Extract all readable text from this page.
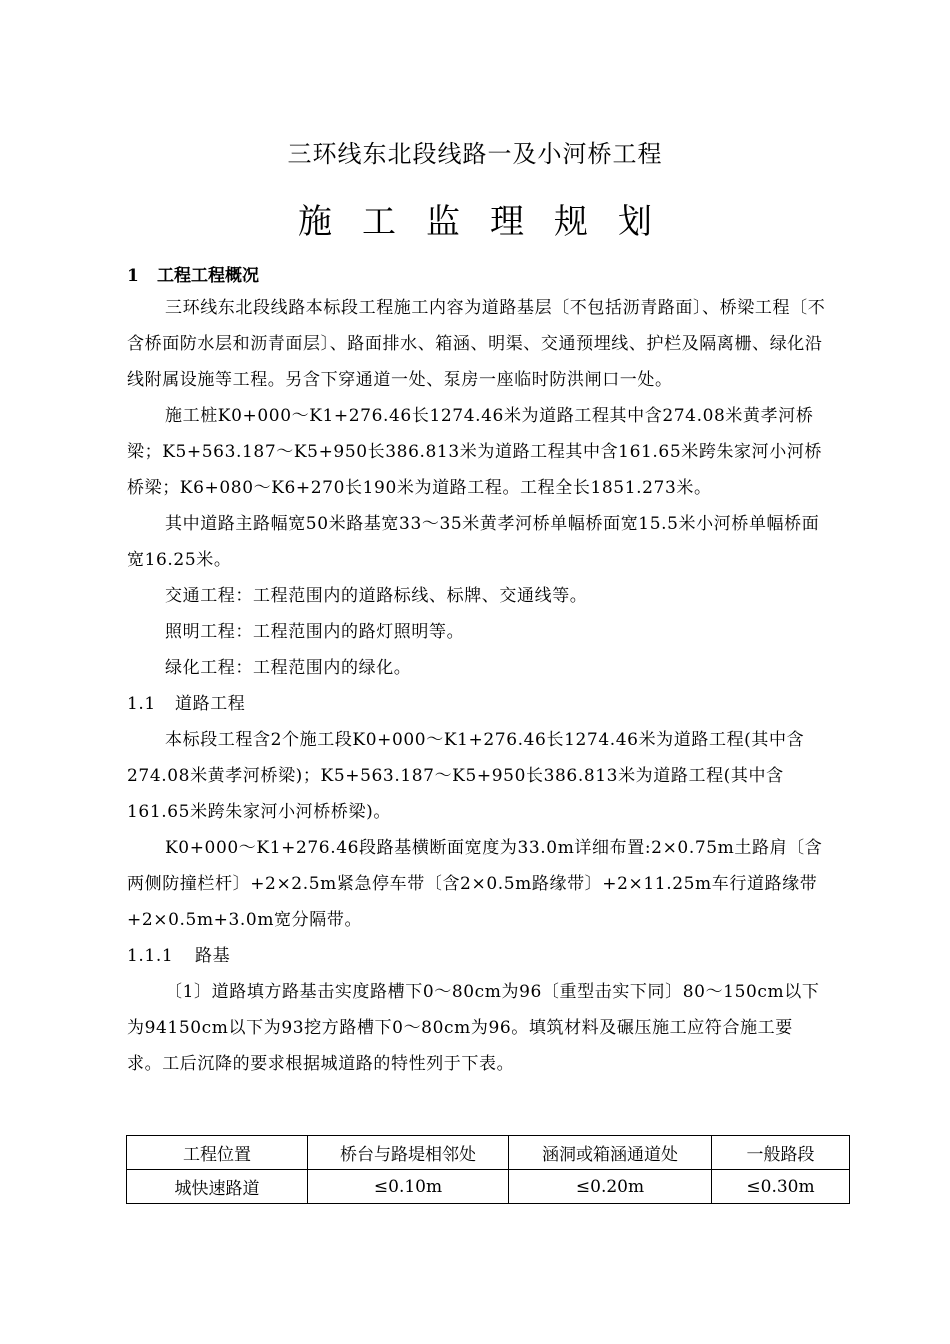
三环线东北段线路一及小河桥工程
施工监理规划
1 工程工程概况

三环线东北段线路本标段工程施工内容为道路基层〔不包括沥青路面〕、桥梁工程〔不含桥面防水层和沥青面层〕、路面排水、箱涵、明渠、交通预埋线、护栏及隔离栅、绿化沿线附属设施等工程。另含下穿通道一处、泵房一座临时防洪闸口一处。

施工桩K0+000～K1+276.46长1274.46米为道路工程其中含274.08米黄孝河桥梁；K5+563.187～K5+950长386.813米为道路工程其中含161.65米跨朱家河小河桥桥梁；K6+080～K6+270长190米为道路工程。工程全长1851.273米。

其中道路主路幅宽50米路基宽33～35米黄孝河桥单幅桥面宽15.5米小河桥单幅桥面宽16.25米。

交通工程：工程范围内的道路标线、标牌、交通线等。

照明工程：工程范围内的路灯照明等。

绿化工程：工程范围内的绿化。

1.1 道路工程

本标段工程含2个施工段K0+000～K1+276.46长1274.46米为道路工程(其中含274.08米黄孝河桥梁)；K5+563.187～K5+950长386.813米为道路工程(其中含161.65米跨朱家河小河桥桥梁)。

K0+000～K1+276.46段路基横断面宽度为33.0m详细布置:2×0.75m土路肩〔含两侧防撞栏杆〕+2×2.5m紧急停车带〔含2×0.5m路缘带〕+2×11.25m车行道路缘带+2×0.5m+3.0m宽分隔带。

1.1.1 路基

〔1〕道路填方路基击实度路槽下0～80cm为96〔重型击实下同〕80～150cm以下为94150cm以下为93挖方路槽下0～80cm为96。填筑材料及碾压施工应符合施工要求。工后沉降的要求根据城道路的特性列于下表。

工程位置	桥台与路堤相邻处	涵洞或箱涵通道处	一般路段
城快速路道	≤0.10m	≤0.20m	≤0.30m
